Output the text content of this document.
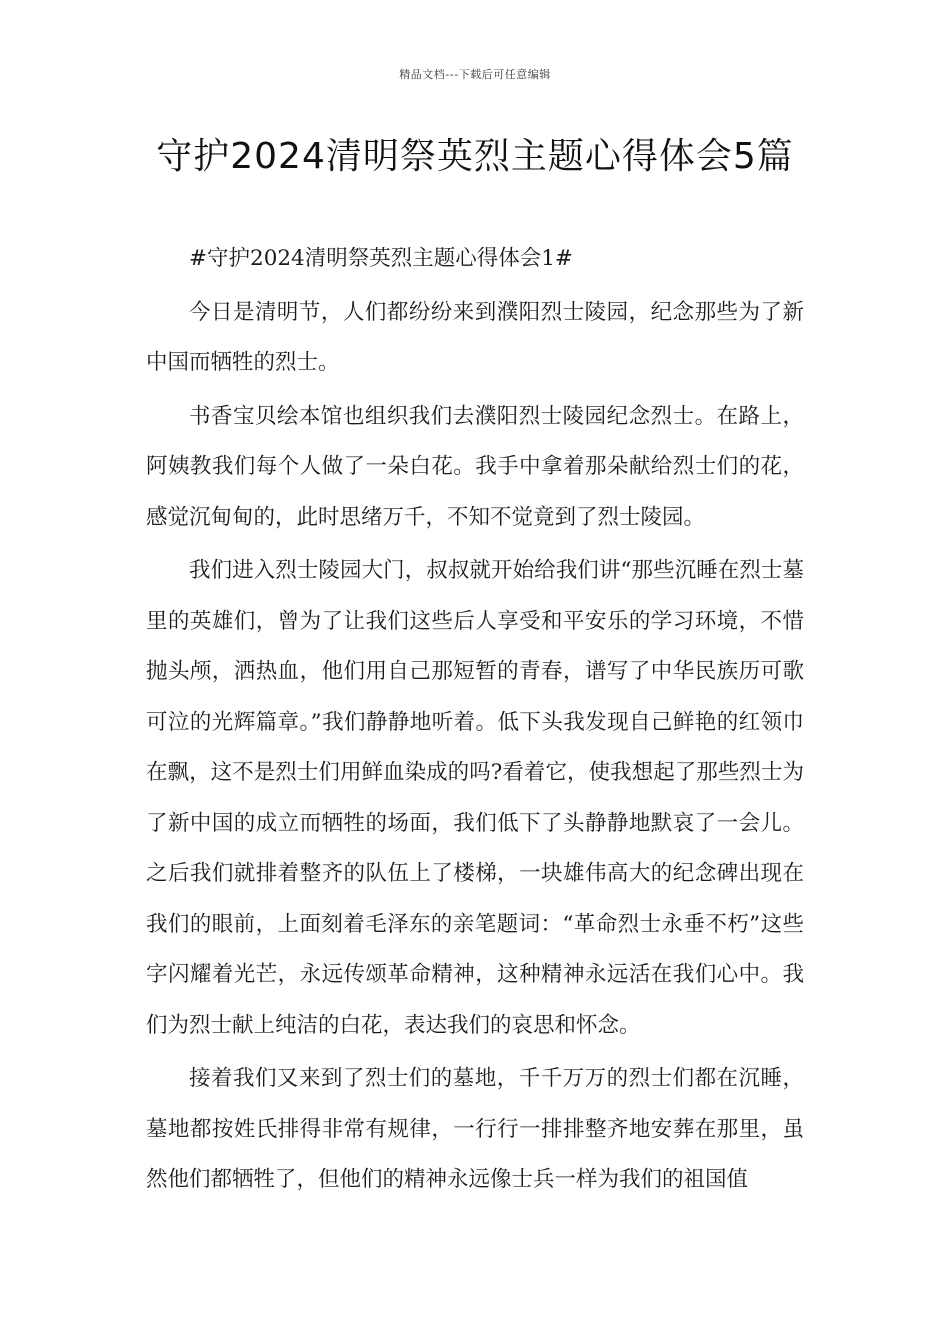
精品文档---下载后可任意编辑
守护2024清明祭英烈主题心得体会5篇

#守护2024清明祭英烈主题心得体会1#

今日是清明节，人们都纷纷来到濮阳烈士陵园，纪念那些为了新中国而牺牲的烈士。

书香宝贝绘本馆也组织我们去濮阳烈士陵园纪念烈士。在路上，阿姨教我们每个人做了一朵白花。我手中拿着那朵献给烈士们的花，感觉沉甸甸的，此时思绪万千，不知不觉竟到了烈士陵园。

我们进入烈士陵园大门，叔叔就开始给我们讲“那些沉睡在烈士墓里的英雄们，曾为了让我们这些后人享受和平安乐的学习环境，不惜抛头颅，洒热血，他们用自己那短暂的青春，谱写了中华民族历可歌可泣的光辉篇章。”我们静静地听着。低下头我发现自己鲜艳的红领巾在飘，这不是烈士们用鲜血染成的吗?看着它，使我想起了那些烈士为了新中国的成立而牺牲的场面，我们低下了头静静地默哀了一会儿。之后我们就排着整齐的队伍上了楼梯，一块雄伟高大的纪念碑出现在我们的眼前，上面刻着毛泽东的亲笔题词：“革命烈士永垂不朽”这些字闪耀着光芒，永远传颂革命精神，这种精神永远活在我们心中。我们为烈士献上纯洁的白花，表达我们的哀思和怀念。

接着我们又来到了烈士们的墓地，千千万万的烈士们都在沉睡，墓地都按姓氏排得非常有规律，一行行一排排整齐地安葬在那里，虽然他们都牺牲了，但他们的精神永远像士兵一样为我们的祖国值
